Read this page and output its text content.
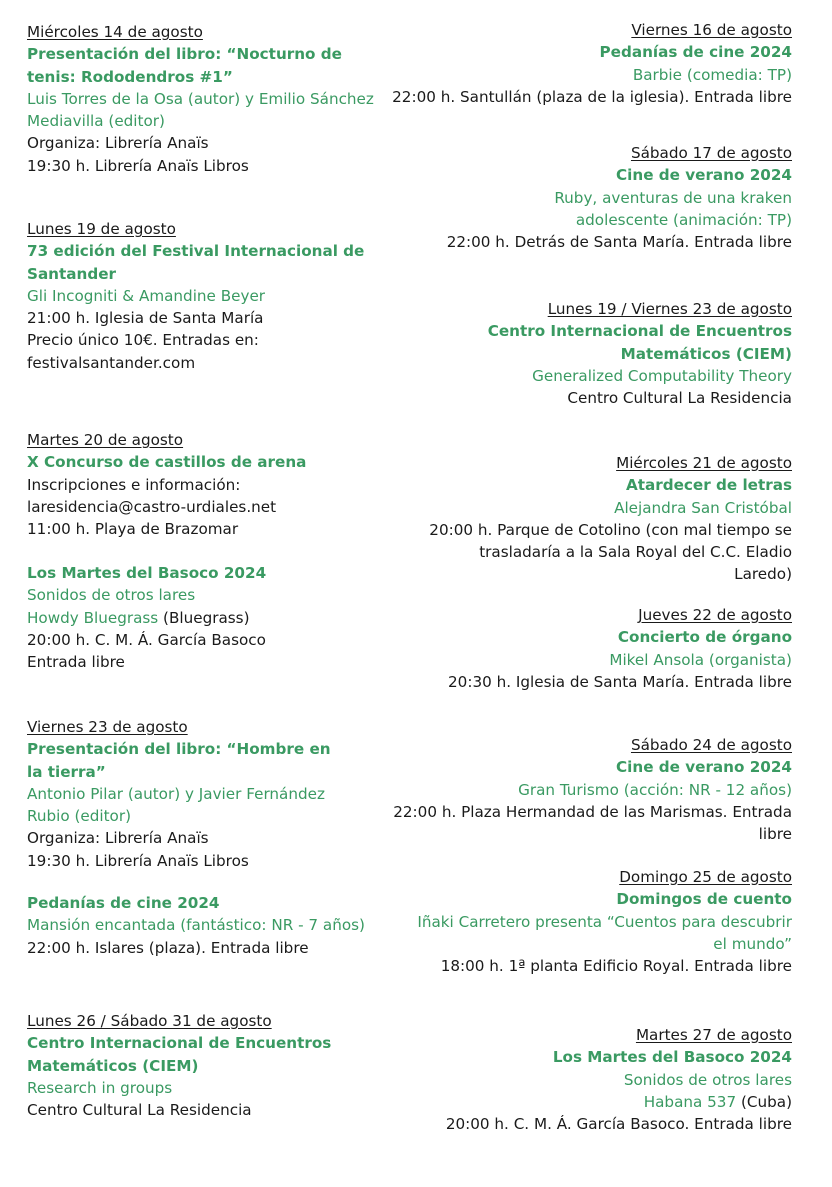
Miércoles 14 de agosto
Presentación del libro: “Nocturno de tenis: Rododendros #1”
Luis Torres de la Osa (autor) y Emilio Sánchez Mediavilla (editor)
Organiza: Librería Anaïs
19:30 h. Librería Anaïs Libros
Lunes 19 de agosto
73 edición del Festival Internacional de Santander
Gli Incogniti & Amandine Beyer
21:00 h. Iglesia de Santa María
Precio único 10€. Entradas en: festivalsantander.com
Martes 20 de agosto
X Concurso de castillos de arena
Inscripciones e información:
laresidencia@castro-urdiales.net
11:00 h. Playa de Brazomar
Los Martes del Basoco 2024
Sonidos de otros lares
Howdy Bluegrass (Bluegrass)
20:00 h. C. M. Á. García Basoco
Entrada libre
Viernes 23 de agosto
Presentación del libro: “Hombre en la tierra”
Antonio Pilar (autor) y Javier Fernández Rubio (editor)
Organiza: Librería Anaïs
19:30 h. Librería Anaïs Libros
Pedanías de cine 2024
Mansión encantada (fantástico: NR - 7 años)
22:00 h. Islares (plaza). Entrada libre
Lunes 26 / Sábado 31 de agosto
Centro Internacional de Encuentros Matemáticos (CIEM)
Research in groups
Centro Cultural La Residencia
Viernes 16 de agosto
Pedanías de cine 2024
Barbie (comedia: TP)
22:00 h. Santullán (plaza de la iglesia). Entrada libre
Sábado 17 de agosto
Cine de verano 2024
Ruby, aventuras de una kraken adolescente (animación: TP)
22:00 h. Detrás de Santa María. Entrada libre
Lunes 19 / Viernes 23 de agosto
Centro Internacional de Encuentros Matemáticos (CIEM)
Generalized Computability Theory
Centro Cultural La Residencia
Miércoles 21 de agosto
Atardecer de letras
Alejandra San Cristóbal
20:00 h. Parque de Cotolino (con mal tiempo se trasladaría a la Sala Royal del C.C. Eladio Laredo)
Jueves 22 de agosto
Concierto de órgano
Mikel Ansola (organista)
20:30 h. Iglesia de Santa María. Entrada libre
Sábado 24 de agosto
Cine de verano 2024
Gran Turismo (acción: NR - 12 años)
22:00 h. Plaza Hermandad de las Marismas. Entrada libre
Domingo 25 de agosto
Domingos de cuento
Iñaki Carretero presenta “Cuentos para descubrir el mundo”
18:00 h. 1ª planta Edificio Royal. Entrada libre
Martes 27 de agosto
Los Martes del Basoco 2024
Sonidos de otros lares
Habana 537 (Cuba)
20:00 h. C. M. Á. García Basoco. Entrada libre
